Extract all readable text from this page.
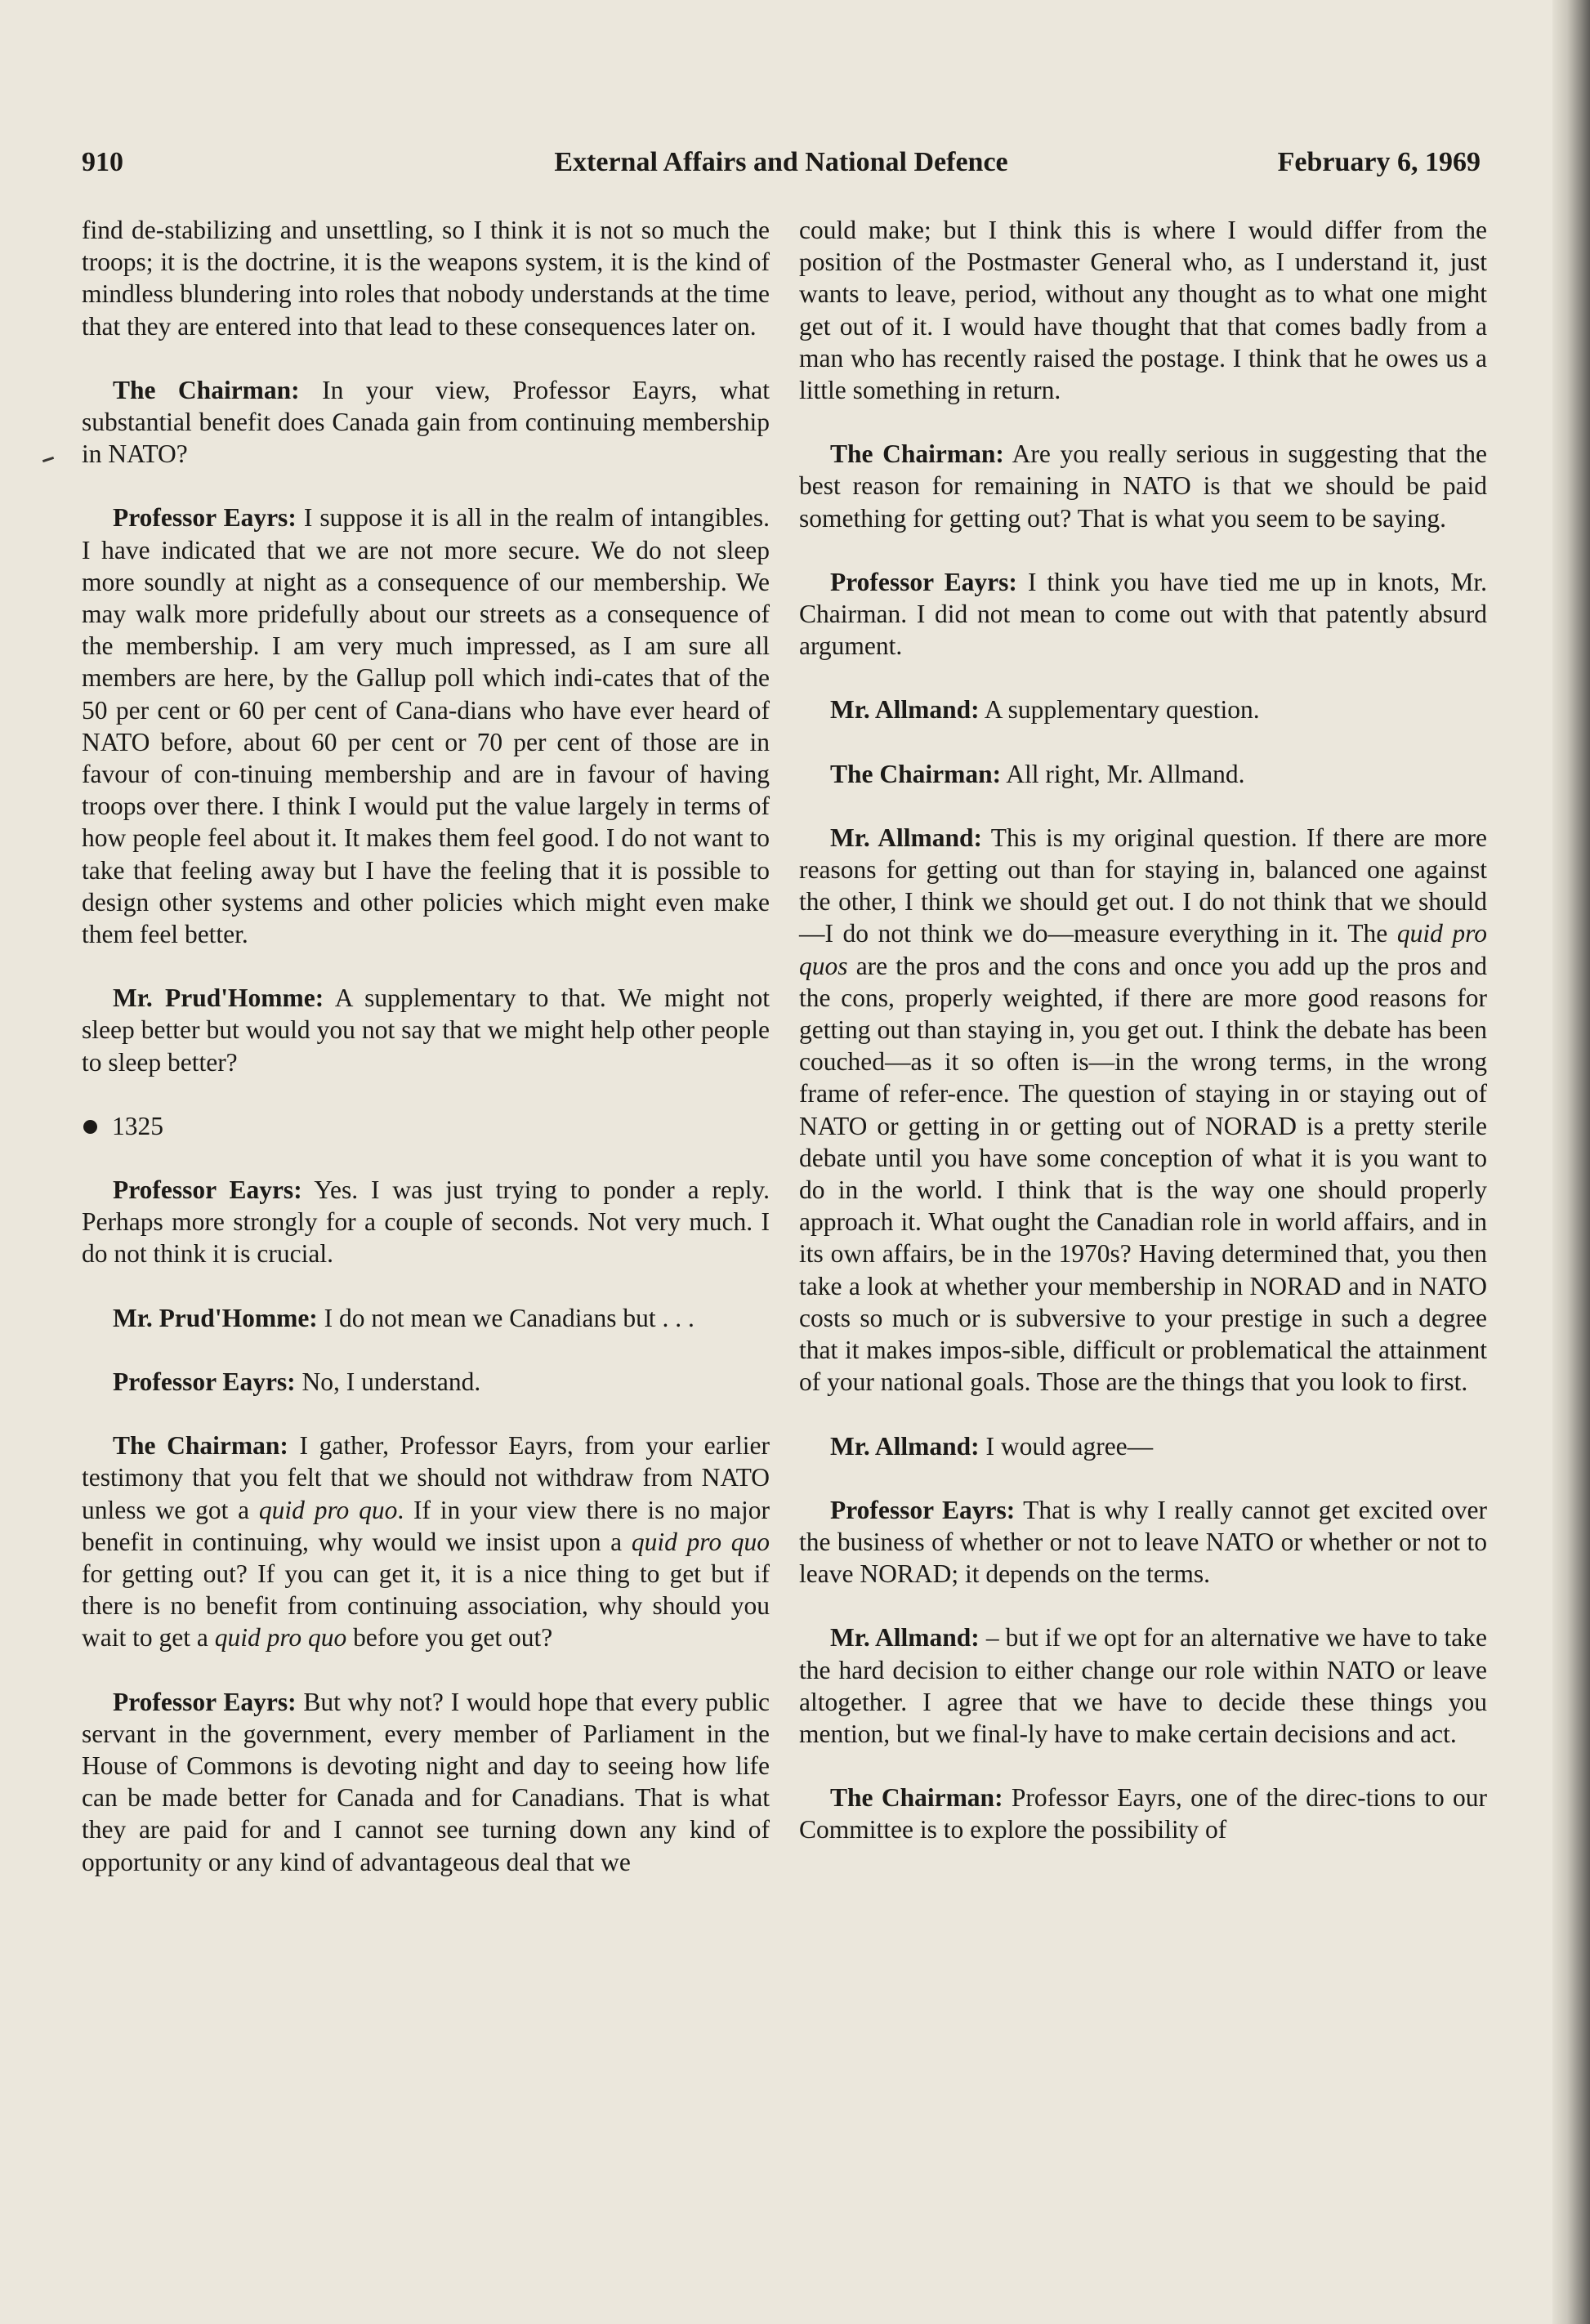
910	External Affairs and National Defence	February 6, 1969

find de-stabilizing and unsettling, so I think it is not so much the troops; it is the doctrine, it is the weapons system, it is the kind of mindless blundering into roles that nobody understands at the time that they are entered into that lead to these consequences later on.

The Chairman: In your view, Professor Eayrs, what substantial benefit does Canada gain from continuing membership in NATO?

Professor Eayrs: I suppose it is all in the realm of intangibles. I have indicated that we are not more secure. We do not sleep more soundly at night as a consequence of our membership. We may walk more pridefully about our streets as a consequence of the membership. I am very much impressed, as I am sure all members are here, by the Gallup poll which indi-cates that of the 50 per cent or 60 per cent of Cana-dians who have ever heard of NATO before, about 60 per cent or 70 per cent of those are in favour of con-tinuing membership and are in favour of having troops over there. I think I would put the value largely in terms of how people feel about it. It makes them feel good. I do not want to take that feeling away but I have the feeling that it is possible to design other systems and other policies which might even make them feel better.

Mr. Prud'Homme: A supplementary to that. We might not sleep better but would you not say that we might help other people to sleep better?

1325

Professor Eayrs: Yes. I was just trying to ponder a reply. Perhaps more strongly for a couple of seconds. Not very much. I do not think it is crucial.

Mr. Prud'Homme: I do not mean we Canadians but . . .

Professor Eayrs: No, I understand.

The Chairman: I gather, Professor Eayrs, from your earlier testimony that you felt that we should not withdraw from NATO unless we got a quid pro quo. If in your view there is no major benefit in continuing, why would we insist upon a quid pro quo for getting out? If you can get it, it is a nice thing to get but if there is no benefit from continuing association, why should you wait to get a quid pro quo before you get out?

Professor Eayrs: But why not? I would hope that every public servant in the government, every member of Parliament in the House of Commons is devoting night and day to seeing how life can be made better for Canada and for Canadians. That is what they are paid for and I cannot see turning down any kind of opportunity or any kind of advantageous deal that we

could make; but I think this is where I would differ from the position of the Postmaster General who, as I understand it, just wants to leave, period, without any thought as to what one might get out of it. I would have thought that that comes badly from a man who has recently raised the postage. I think that he owes us a little something in return.

The Chairman: Are you really serious in suggesting that the best reason for remaining in NATO is that we should be paid something for getting out? That is what you seem to be saying.

Professor Eayrs: I think you have tied me up in knots, Mr. Chairman. I did not mean to come out with that patently absurd argument.

Mr. Allmand: A supplementary question.

The Chairman: All right, Mr. Allmand.

Mr. Allmand: This is my original question. If there are more reasons for getting out than for staying in, balanced one against the other, I think we should get out. I do not think that we should—I do not think we do—measure everything in it. The quid pro quos are the pros and the cons and once you add up the pros and the cons, properly weighted, if there are more good reasons for getting out than staying in, you get out. I think the debate has been couched—as it so often is—in the wrong terms, in the wrong frame of refer-ence. The question of staying in or staying out of NATO or getting in or getting out of NORAD is a pretty sterile debate until you have some conception of what it is you want to do in the world. I think that is the way one should properly approach it. What ought the Canadian role in world affairs, and in its own affairs, be in the 1970s? Having determined that, you then take a look at whether your membership in NORAD and in NATO costs so much or is subversive to your prestige in such a degree that it makes impos-sible, difficult or problematical the attainment of your national goals. Those are the things that you look to first.

Mr. Allmand: I would agree—

Professor Eayrs: That is why I really cannot get excited over the business of whether or not to leave NATO or whether or not to leave NORAD; it depends on the terms.

Mr. Allmand: – but if we opt for an alternative we have to take the hard decision to either change our role within NATO or leave altogether. I agree that we have to decide these things you mention, but we final-ly have to make certain decisions and act.

The Chairman: Professor Eayrs, one of the direc-tions to our Committee is to explore the possibility of
